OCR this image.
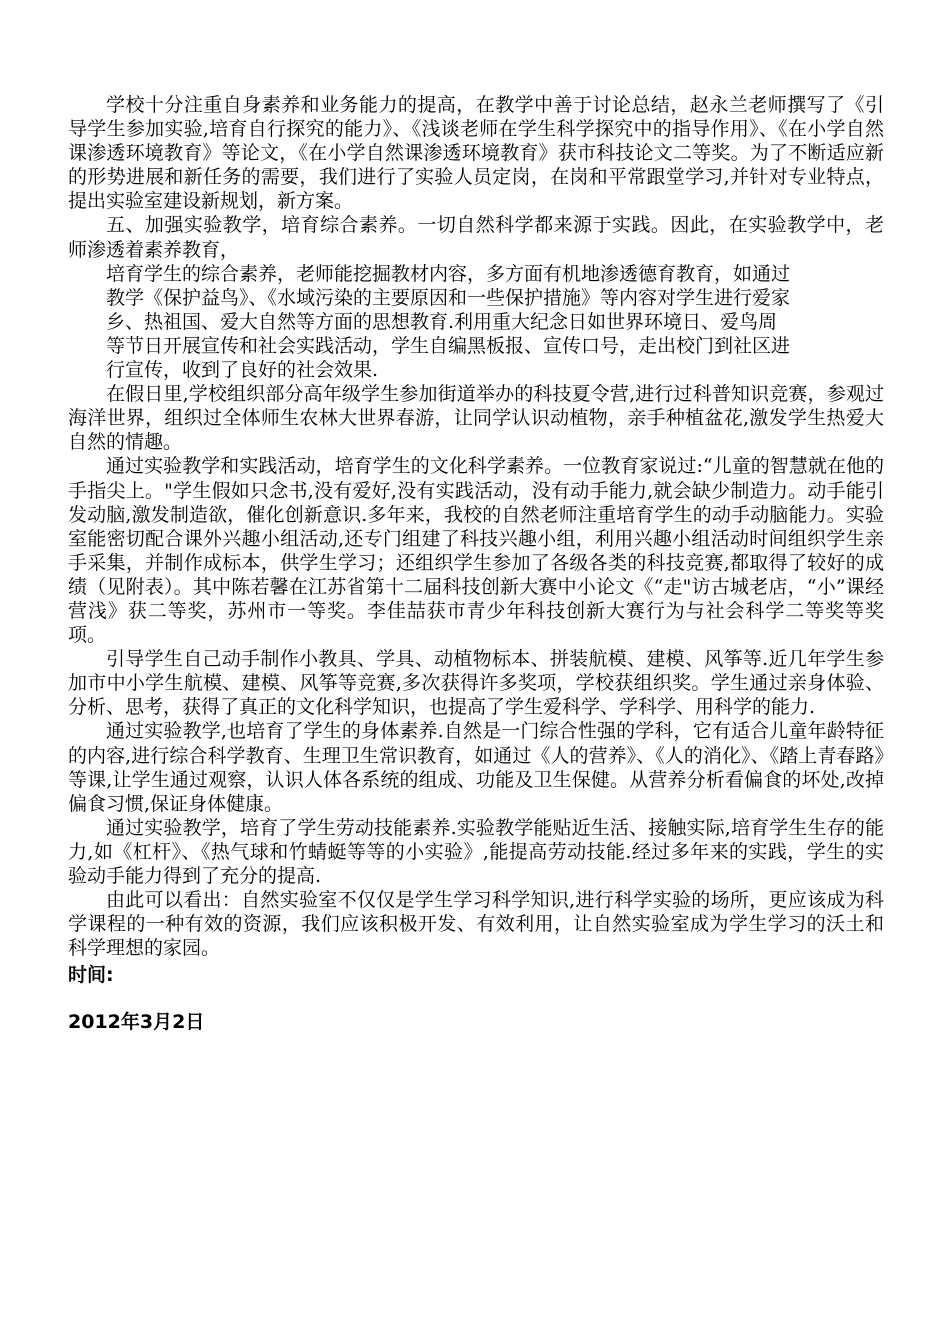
学校十分注重自身素养和业务能力的提高，在教学中善于讨论总结，赵永兰老师撰写了《引导学生参加实验,培育自行探究的能力》、《浅谈老师在学生科学探究中的指导作用》、《在小学自然课渗透环境教育》等论文，《在小学自然课渗透环境教育》获市科技论文二等奖。为了不断适应新的形势进展和新任务的需要，我们进行了实验人员定岗，在岗和平常跟堂学习,并针对专业特点，提出实验室建设新规划，新方案。

五、加强实验教学，培育综合素养。一切自然科学都来源于实践。因此，在实验教学中，老师渗透着素养教育，

培育学生的综合素养，老师能挖掘教材内容，多方面有机地渗透德育教育，如通过

教学《保护益鸟》、《水域污染的主要原因和一些保护措施》等内容对学生进行爱家

乡、热祖国、爱大自然等方面的思想教育.利用重大纪念日如世界环境日、爱鸟周

等节日开展宣传和社会实践活动，学生自编黑板报、宣传口号，走出校门到社区进

行宣传，收到了良好的社会效果.

在假日里,学校组织部分高年级学生参加街道举办的科技夏令营,进行过科普知识竞赛，参观过海洋世界，组织过全体师生农林大世界春游，让同学认识动植物，亲手种植盆花,激发学生热爱大自然的情趣。

通过实验教学和实践活动，培育学生的文化科学素养。一位教育家说过:“儿童的智慧就在他的手指尖上。"学生假如只念书,没有爱好,没有实践活动，没有动手能力,就会缺少制造力。动手能引发动脑,激发制造欲，催化创新意识.多年来，我校的自然老师注重培育学生的动手动脑能力。实验室能密切配合课外兴趣小组活动,还专门组建了科技兴趣小组，利用兴趣小组活动时间组织学生亲手采集，并制作成标本，供学生学习；还组织学生参加了各级各类的科技竞赛,都取得了较好的成绩（见附表）。其中陈若馨在江苏省第十二届科技创新大赛中小论文《“走"访古城老店，“小”课经营浅》获二等奖，苏州市一等奖。李佳喆获市青少年科技创新大赛行为与社会科学二等奖等奖项。

引导学生自己动手制作小教具、学具、动植物标本、拼装航模、建模、风筝等.近几年学生参加市中小学生航模、建模、风筝等竞赛,多次获得许多奖项，学校获组织奖。学生通过亲身体验、分析、思考，获得了真正的文化科学知识，也提高了学生爱科学、学科学、用科学的能力.

通过实验教学,也培育了学生的身体素养.自然是一门综合性强的学科，它有适合儿童年龄特征的内容,进行综合科学教育、生理卫生常识教育，如通过《人的营养》、《人的消化》、《踏上青春路》等课,让学生通过观察，认识人体各系统的组成、功能及卫生保健。从营养分析看偏食的坏处,改掉偏食习惯,保证身体健康。

通过实验教学，培育了学生劳动技能素养.实验教学能贴近生活、接触实际,培育学生生存的能力,如《杠杆》、《热气球和竹蜻蜓等等的小实验》,能提高劳动技能.经过多年来的实践，学生的实验动手能力得到了充分的提高.

由此可以看出：自然实验室不仅仅是学生学习科学知识,进行科学实验的场所，更应该成为科学课程的一种有效的资源，我们应该积极开发、有效利用，让自然实验室成为学生学习的沃土和科学理想的家园。

时间:

2012年3月2日
